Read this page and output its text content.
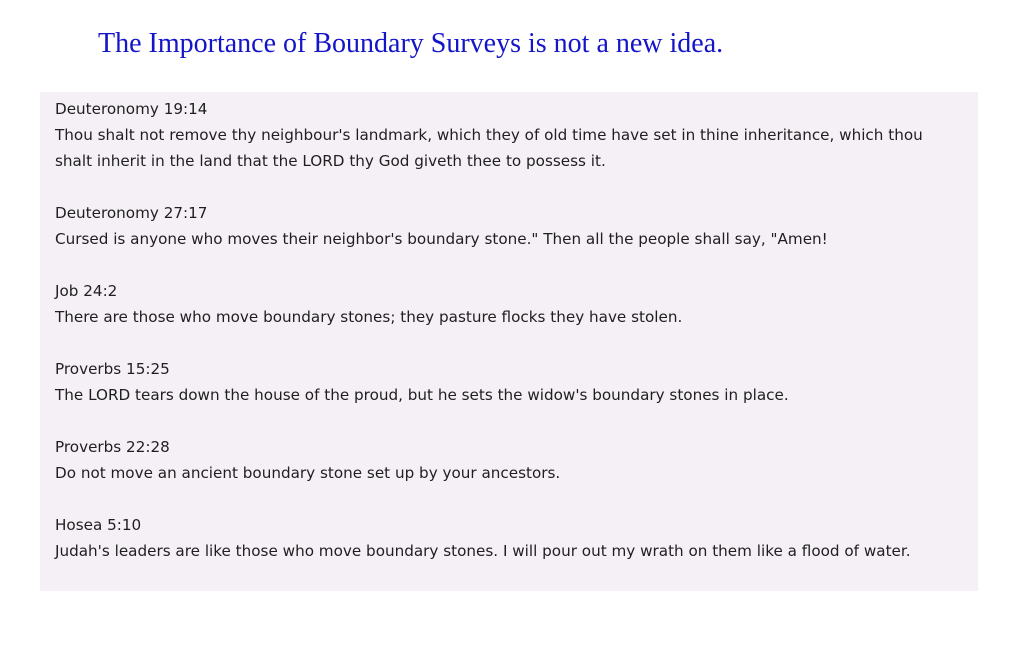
The Importance of Boundary Surveys is not a new idea.
Deuteronomy 19:14
Thou shalt not remove thy neighbour's landmark, which they of old time have set in thine inheritance, which thou shalt inherit in the land that the LORD thy God giveth thee to possess it.
Deuteronomy 27:17
Cursed is anyone who moves their neighbor's boundary stone." Then all the people shall say, "Amen!
Job 24:2
There are those who move boundary stones; they pasture flocks they have stolen.
Proverbs 15:25
The LORD tears down the house of the proud, but he sets the widow's boundary stones in place.
Proverbs 22:28
Do not move an ancient boundary stone set up by your ancestors.
Hosea 5:10
Judah's leaders are like those who move boundary stones. I will pour out my wrath on them like a flood of water.
